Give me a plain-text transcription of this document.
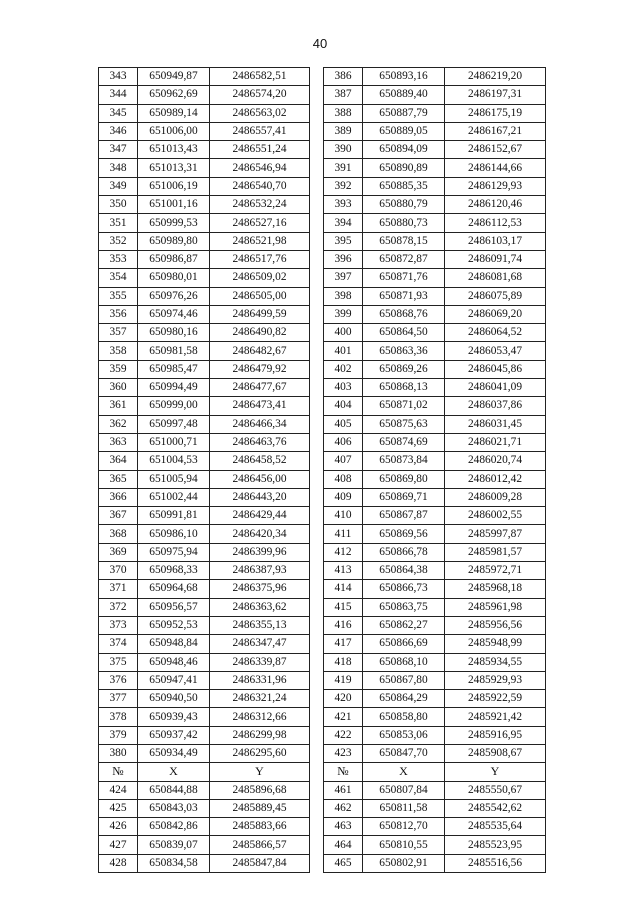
40
343	650949,87	2486582,51		386	650893,16	2486219,20
344	650962,69	2486574,20		387	650889,40	2486197,31
345	650989,14	2486563,02		388	650887,79	2486175,19
346	651006,00	2486557,41		389	650889,05	2486167,21
347	651013,43	2486551,24		390	650894,09	2486152,67
348	651013,31	2486546,94		391	650890,89	2486144,66
349	651006,19	2486540,70		392	650885,35	2486129,93
350	651001,16	2486532,24		393	650880,79	2486120,46
351	650999,53	2486527,16		394	650880,73	2486112,53
352	650989,80	2486521,98		395	650878,15	2486103,17
353	650986,87	2486517,76		396	650872,87	2486091,74
354	650980,01	2486509,02		397	650871,76	2486081,68
355	650976,26	2486505,00		398	650871,93	2486075,89
356	650974,46	2486499,59		399	650868,76	2486069,20
357	650980,16	2486490,82		400	650864,50	2486064,52
358	650981,58	2486482,67		401	650863,36	2486053,47
359	650985,47	2486479,92		402	650869,26	2486045,86
360	650994,49	2486477,67		403	650868,13	2486041,09
361	650999,00	2486473,41		404	650871,02	2486037,86
362	650997,48	2486466,34		405	650875,63	2486031,45
363	651000,71	2486463,76		406	650874,69	2486021,71
364	651004,53	2486458,52		407	650873,84	2486020,74
365	651005,94	2486456,00		408	650869,80	2486012,42
366	651002,44	2486443,20		409	650869,71	2486009,28
367	650991,81	2486429,44		410	650867,87	2486002,55
368	650986,10	2486420,34		411	650869,56	2485997,87
369	650975,94	2486399,96		412	650866,78	2485981,57
370	650968,33	2486387,93		413	650864,38	2485972,71
371	650964,68	2486375,96		414	650866,73	2485968,18
372	650956,57	2486363,62		415	650863,75	2485961,98
373	650952,53	2486355,13		416	650862,27	2485956,56
374	650948,84	2486347,47		417	650866,69	2485948,99
375	650948,46	2486339,87		418	650868,10	2485934,55
376	650947,41	2486331,96		419	650867,80	2485929,93
377	650940,50	2486321,24		420	650864,29	2485922,59
378	650939,43	2486312,66		421	650858,80	2485921,42
379	650937,42	2486299,98		422	650853,06	2485916,95
380	650934,49	2486295,60		423	650847,70	2485908,67
№	X	Y		№	X	Y
424	650844,88	2485896,68		461	650807,84	2485550,67
425	650843,03	2485889,45		462	650811,58	2485542,62
426	650842,86	2485883,66		463	650812,70	2485535,64
427	650839,07	2485866,57		464	650810,55	2485523,95
428	650834,58	2485847,84		465	650802,91	2485516,56
